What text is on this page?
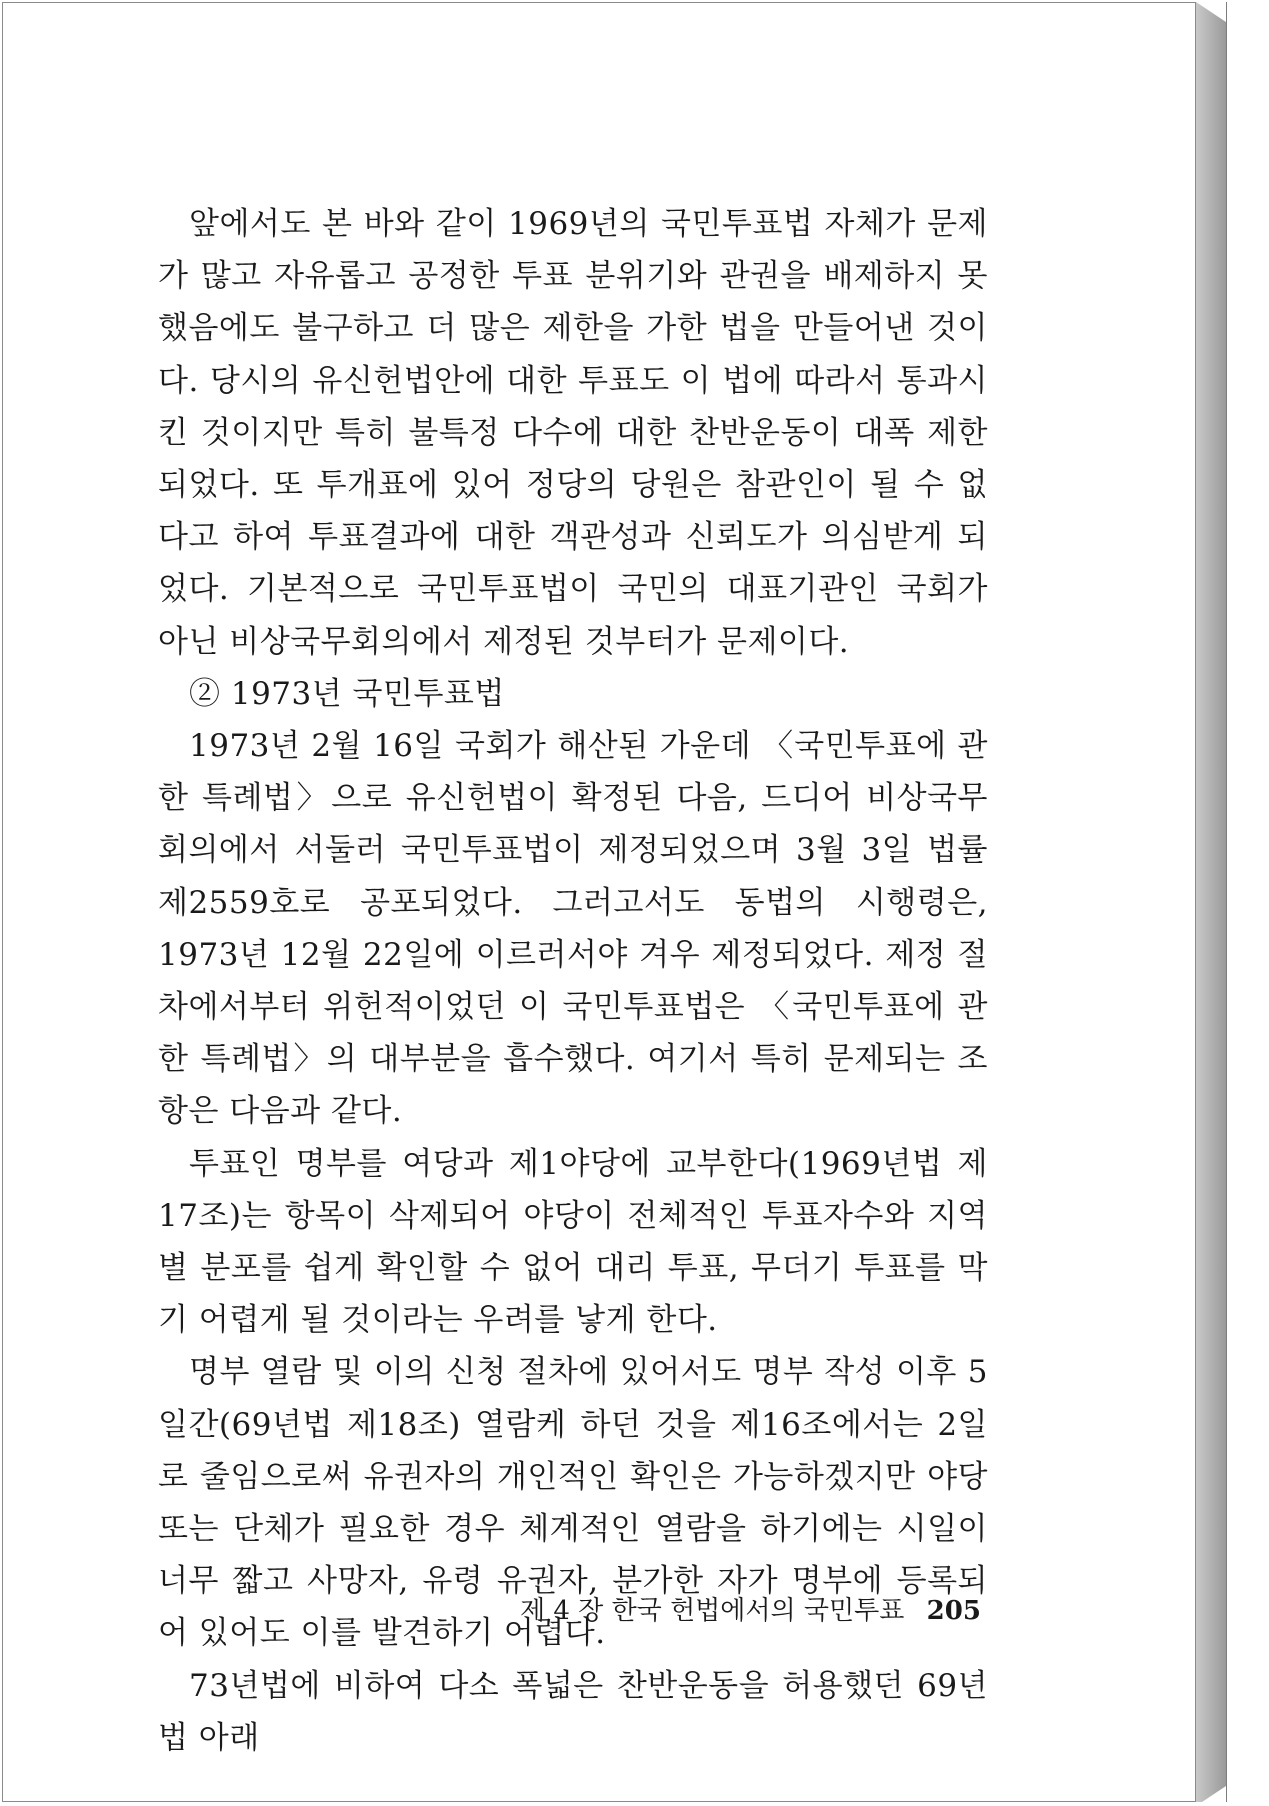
앞에서도 본 바와 같이 1969년의 국민투표법 자체가 문제가 많고 자유롭고 공정한 투표 분위기와 관권을 배제하지 못했음에도 불구하고 더 많은 제한을 가한 법을 만들어낸 것이다. 당시의 유신헌법안에 대한 투표도 이 법에 따라서 통과시킨 것이지만 특히 불특정 다수에 대한 찬반운동이 대폭 제한되었다. 또 투개표에 있어 정당의 당원은 참관인이 될 수 없다고 하여 투표결과에 대한 객관성과 신뢰도가 의심받게 되었다. 기본적으로 국민투표법이 국민의 대표기관인 국회가 아닌 비상국무회의에서 제정된 것부터가 문제이다.

② 1973년 국민투표법

1973년 2월 16일 국회가 해산된 가운데 〈국민투표에 관한 특례법〉으로 유신헌법이 확정된 다음, 드디어 비상국무회의에서 서둘러 국민투표법이 제정되었으며 3월 3일 법률 제2559호로 공포되었다. 그러고서도 동법의 시행령은, 1973년 12월 22일에 이르러서야 겨우 제정되었다. 제정 절차에서부터 위헌적이었던 이 국민투표법은 〈국민투표에 관한 특례법〉의 대부분을 흡수했다. 여기서 특히 문제되는 조항은 다음과 같다.

투표인 명부를 여당과 제1야당에 교부한다(1969년법 제17조)는 항목이 삭제되어 야당이 전체적인 투표자수와 지역별 분포를 쉽게 확인할 수 없어 대리 투표, 무더기 투표를 막기 어렵게 될 것이라는 우려를 낳게 한다.

명부 열람 및 이의 신청 절차에 있어서도 명부 작성 이후 5일간(69년법 제18조) 열람케 하던 것을 제16조에서는 2일로 줄임으로써 유권자의 개인적인 확인은 가능하겠지만 야당 또는 단체가 필요한 경우 체계적인 열람을 하기에는 시일이 너무 짧고 사망자, 유령 유권자, 분가한 자가 명부에 등록되어 있어도 이를 발견하기 어렵다.

73년법에 비하여 다소 폭넓은 찬반운동을 허용했던 69년법 아래

제 4 장 한국 헌법에서의 국민투표 205
